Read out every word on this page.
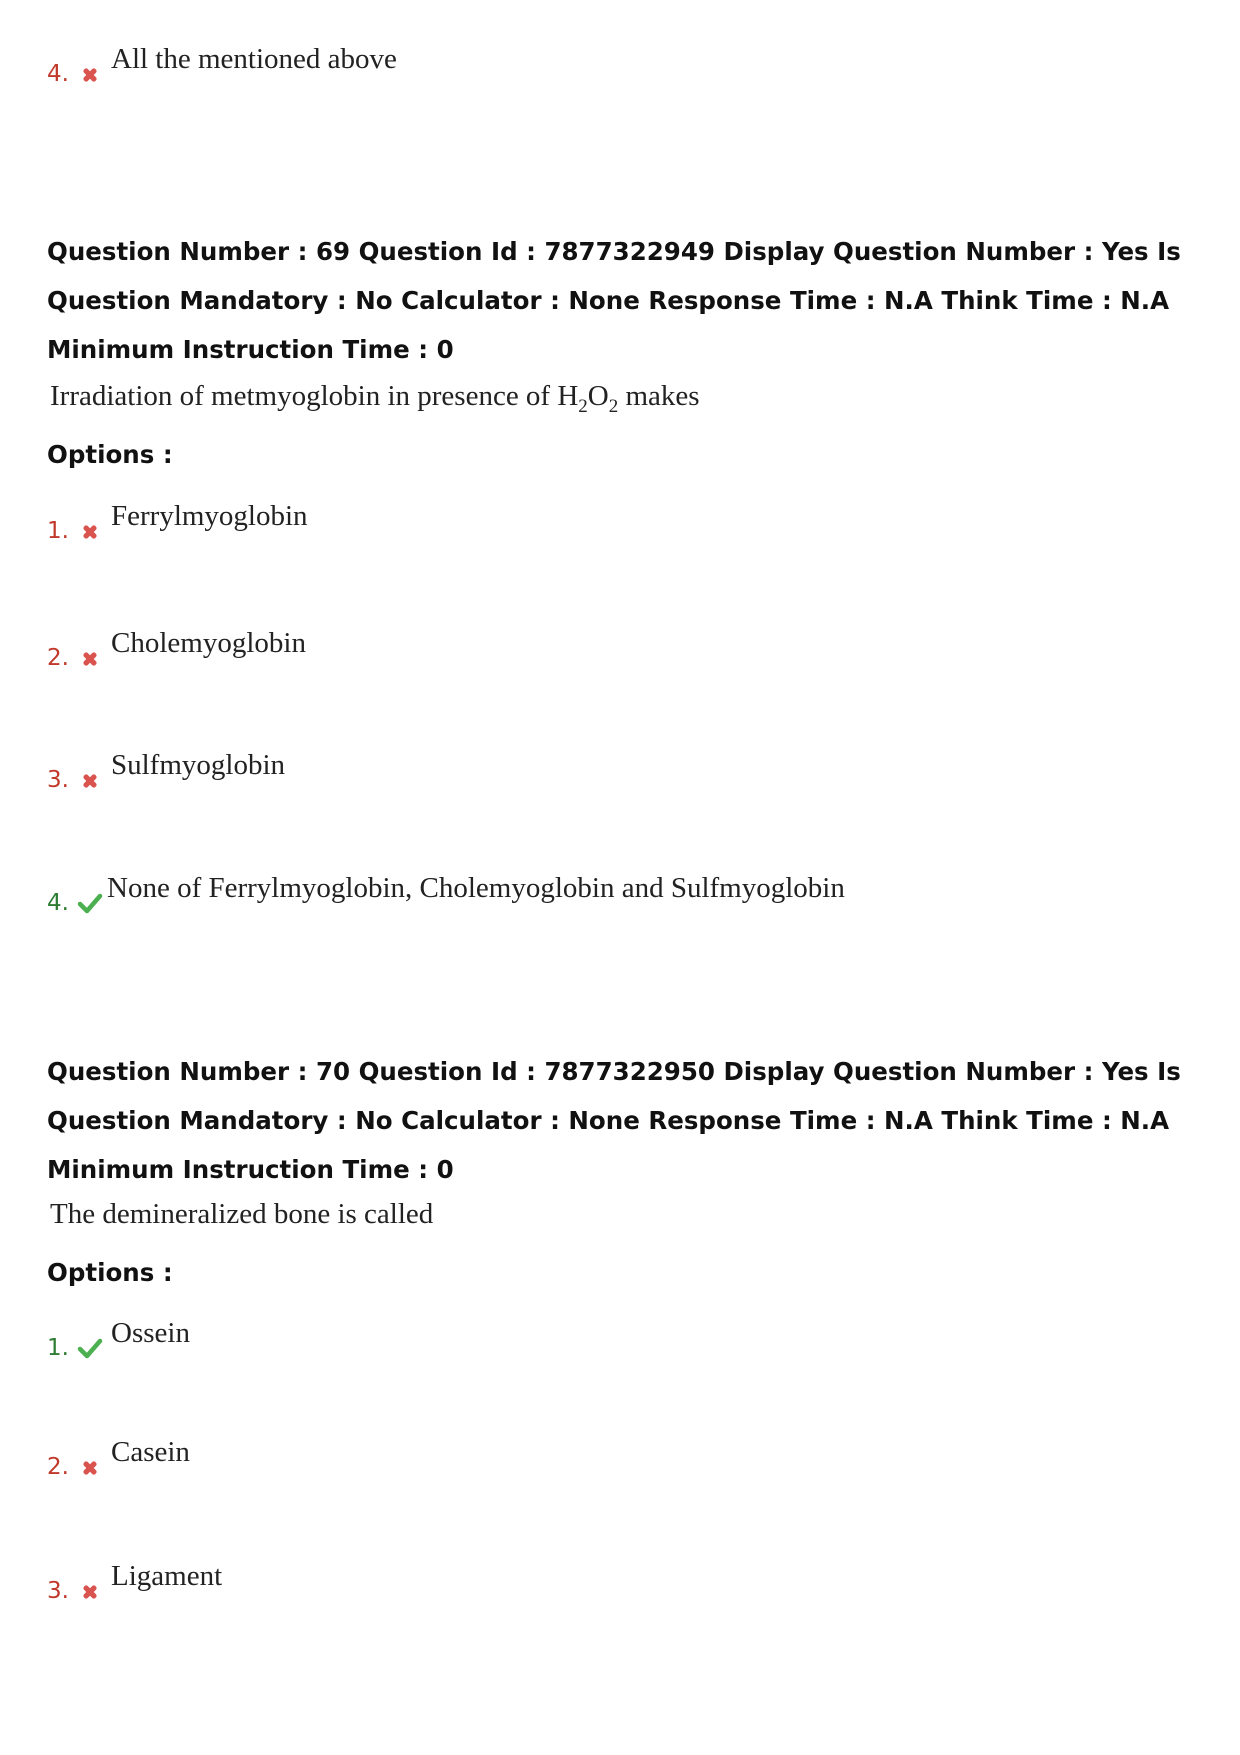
4. All the mentioned above
Question Number : 69 Question Id : 7877322949 Display Question Number : Yes Is Question Mandatory : No Calculator : None Response Time : N.A Think Time : N.A Minimum Instruction Time : 0
Irradiation of metmyoglobin in presence of $H_2O_2$ makes
Options :
1. Ferrylmyoglobin
2. Cholemyoglobin
3. Sulfmyoglobin
4. None of Ferrylmyoglobin, Cholemyoglobin and Sulfmyoglobin
Question Number : 70 Question Id : 7877322950 Display Question Number : Yes Is Question Mandatory : No Calculator : None Response Time : N.A Think Time : N.A Minimum Instruction Time : 0
The demineralized bone is called
Options :
1. Ossein
2. Casein
3. Ligament
